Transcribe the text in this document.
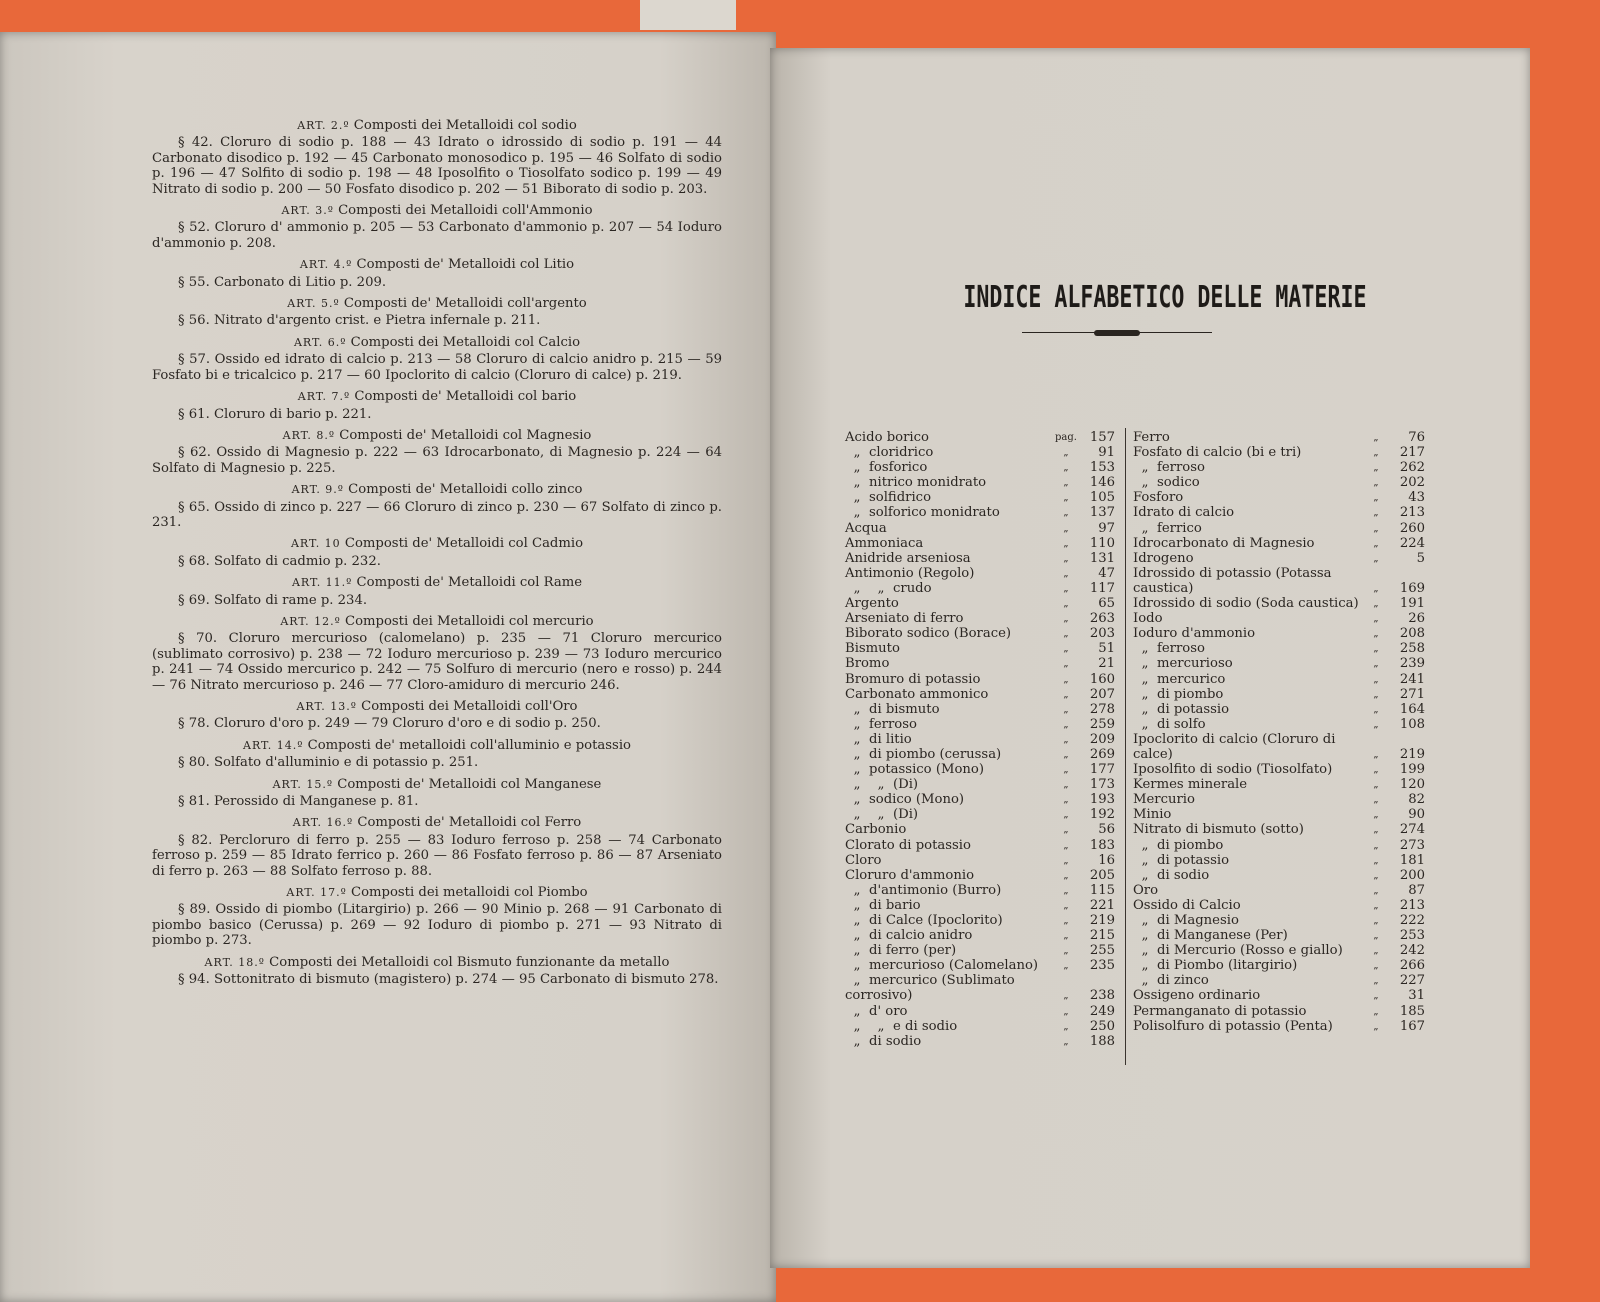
ART. 2.º Composti dei Metalloidi col sodio

§ 42. Cloruro di sodio p. 188 — 43 Idrato o idrossido di sodio p. 191 — 44 Carbonato disodico p. 192 — 45 Carbonato monosodico p. 195 — 46 Solfato di sodio p. 196 — 47 Solfito di sodio p. 198 — 48 Iposolfito o Tiosolfato sodico p. 199 — 49 Nitrato di sodio p. 200 — 50 Fosfato disodico p. 202 — 51 Biborato di sodio p. 203.

ART. 3.º Composti dei Metalloidi coll'Ammonio

§ 52. Cloruro d' ammonio p. 205 — 53 Carbonato d'ammonio p. 207 — 54 Ioduro d'ammonio p. 208.

ART. 4.º Composti de' Metalloidi col Litio

§ 55. Carbonato di Litio p. 209.

ART. 5.º Composti de' Metalloidi coll'argento

§ 56. Nitrato d'argento crist. e Pietra infernale p. 211.

ART. 6.º Composti dei Metalloidi col Calcio

§ 57. Ossido ed idrato di calcio p. 213 — 58 Cloruro di calcio anidro p. 215 — 59 Fosfato bi e tricalcico p. 217 — 60 Ipoclorito di calcio (Cloruro di calce) p. 219.

ART. 7.º Composti de' Metalloidi col bario

§ 61. Cloruro di bario p. 221.

ART. 8.º Composti de' Metalloidi col Magnesio

§ 62. Ossido di Magnesio p. 222 — 63 Idrocarbonato, di Magnesio p. 224 — 64 Solfato di Magnesio p. 225.

ART. 9.º Composti de' Metalloidi collo zinco

§ 65. Ossido di zinco p. 227 — 66 Cloruro di zinco p. 230 — 67 Solfato di zinco p. 231.

ART. 10 Composti de' Metalloidi col Cadmio

§ 68. Solfato di cadmio p. 232.

ART. 11.º Composti de' Metalloidi col Rame

§ 69. Solfato di rame p. 234.

ART. 12.º Composti dei Metalloidi col mercurio

§ 70. Cloruro mercurioso (calomelano) p. 235 — 71 Cloruro mercurico (sublimato corrosivo) p. 238 — 72 Ioduro mercurioso p. 239 — 73 Ioduro mercurico p. 241 — 74 Ossido mercurico p. 242 — 75 Solfuro di mercurio (nero e rosso) p. 244 — 76 Nitrato mercurioso p. 246 — 77 Cloro-amiduro di mercurio 246.

ART. 13.º Composti dei Metalloidi coll'Oro

§ 78. Cloruro d'oro p. 249 — 79 Cloruro d'oro e di sodio p. 250.

ART. 14.º Composti de' metalloidi coll'alluminio e potassio

§ 80. Solfato d'alluminio e di potassio p. 251.

ART. 15.º Composti de' Metalloidi col Manganese

§ 81. Perossido di Manganese p. 81.

ART. 16.º Composti de' Metalloidi col Ferro

§ 82. Percloruro di ferro p. 255 — 83 Ioduro ferroso p. 258 — 74 Carbonato ferroso p. 259 — 85 Idrato ferrico p. 260 — 86 Fosfato ferroso p. 86 — 87 Arseniato di ferro p. 263 — 88 Solfato ferroso p. 88.

ART. 17.º Composti dei metalloidi col Piombo

§ 89. Ossido di piombo (Litargirio) p. 266 — 90 Minio p. 268 — 91 Carbonato di piombo basico (Cerussa) p. 269 — 92 Ioduro di piombo p. 271 — 93 Nitrato di piombo p. 273.

ART. 18.º Composti dei Metalloidi col Bismuto funzionante da metallo

§ 94. Sottonitrato di bismuto (magistero) p. 274 — 95 Carbonato di bismuto 278.

INDICE ALFABETICO DELLE MATERIE
Acido borico	pag. 157
„ cloridrico	„	91
„ fosforico	„	153
„ nitrico monidrato	„	146
„ solfidrico	„	105
„ solforico monidrato	„	137
Acqua	„	97
Ammoniaca	„	110
Anidride arseniosa	„	131
Antimonio (Regolo)	„	47
„ „ crudo	„	117
Argento	„	65
Arseniato di ferro	„	263
Biborato sodico (Borace)	„	203
Bismuto	„	51
Bromo	„	21
Bromuro di potassio	„	160
Carbonato ammonico	„	207
„ di bismuto	„	278
„ ferroso	„	259
„ di litio	„	209
„ di piombo (cerussa)	„	269
„ potassico (Mono)	„	177
„ „ (Di)	„	173
„ sodico (Mono)	„	193
„ „ (Di)	„	192
Carbonio	„	56
Clorato di potassio	„	183
Cloro	„	16
Cloruro d'ammonio	„	205
„ d'antimonio (Burro)	„	115
„ di bario	„	221
„ di Calce (Ipoclorito)	„	219
„ di calcio anidro	„	215
„ di ferro (per)	„	255
„ mercurioso (Calomelano)	„	235
„ mercurico (Sublimato corrosivo)	„	238
„ d' oro	„	249
„ „ e di sodio	„	250
„ di sodio	„	188
Ferro	„	76
Fosfato di calcio (bi e tri)	„	217
„ ferroso	„	262
„ sodico	„	202
Fosforo	„	43
Idrato di calcio	„	213
„ ferrico	„	260
Idrocarbonato di Magnesio	„	224
Idrogeno	„	5
Idrossido di potassio (Potassa caustica)	„	169
Idrossido di sodio (Soda caustica)	„	191
Iodo	„	26
Ioduro d'ammonio	„	208
„ ferroso	„	258
„ mercurioso	„	239
„ mercurico	„	241
„ di piombo	„	271
„ di potassio	„	164
„ di solfo	„	108
Ipoclorito di calcio (Cloruro di calce)	„	219
Iposolfito di sodio (Tiosolfato)	„	199
Kermes minerale	„	120
Mercurio	„	82
Minio	„	90
Nitrato di bismuto (sotto)	„	274
„ di piombo	„	273
„ di potassio	„	181
„ di sodio	„	200
Oro	„	87
Ossido di Calcio	„	213
„ di Magnesio	„	222
„ di Manganese (Per)	„	253
„ di Mercurio (Rosso e giallo)	„	242
„ di Piombo (litargirio)	„	266
„ di zinco	„	227
Ossigeno ordinario	„	31
Permanganato di potassio	„	185
Polisolfuro di potassio (Penta)	„	167
